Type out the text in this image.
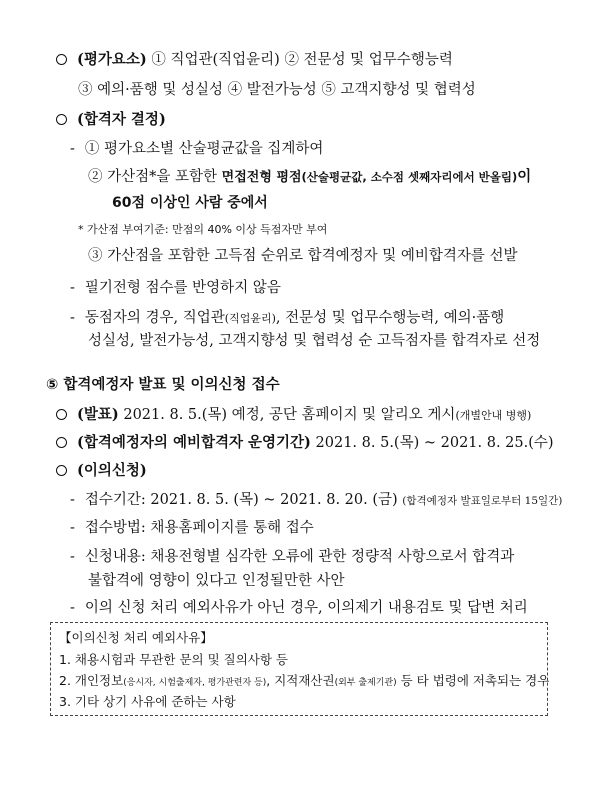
(평가요소) ① 직업관(직업윤리) ② 전문성 및 업무수행능력
③ 예의·품행 및 성실성 ④ 발전가능성 ⑤ 고객지향성 및 협력성
(합격자 결정)
- ① 평가요소별 산술평균값을 집계하여
② 가산점*을 포함한 면접전형 평점(산술평균값, 소수점 셋째자리에서 반올림)이
60점 이상인 사람 중에서
* 가산점 부여기준: 만점의 40% 이상 득점자만 부여
③ 가산점을 포함한 고득점 순위로 합격예정자 및 예비합격자를 선발
- 필기전형 점수를 반영하지 않음
- 동점자의 경우, 직업관(직업윤리), 전문성 및 업무수행능력, 예의·품행
성실성, 발전가능성, 고객지향성 및 협력성 순 고득점자를 합격자로 선정
⑤ 합격예정자 발표 및 이의신청 접수
(발표) 2021. 8. 5.(목) 예정, 공단 홈페이지 및 알리오 게시(개별안내 병행)
(합격예정자의 예비합격자 운영기간) 2021. 8. 5.(목) ~ 2021. 8. 25.(수)
(이의신청)
- 접수기간: 2021. 8. 5. (목) ~ 2021. 8. 20. (금) (합격예정자 발표일로부터 15일간)
- 접수방법: 채용홈페이지를 통해 접수
- 신청내용: 채용전형별 심각한 오류에 관한 정량적 사항으로서 합격과
불합격에 영향이 있다고 인정될만한 사안
- 이의 신청 처리 예외사유가 아닌 경우, 이의제기 내용검토 및 답변 처리
【이의신청 처리 예외사유】
1. 채용시험과 무관한 문의 및 질의사항 등
2. 개인정보(응시자, 시험출제자, 평가관련자 등), 지적재산권(외부 출제기관) 등 타 법령에 저촉되는 경우
3. 기타 상기 사유에 준하는 사항
